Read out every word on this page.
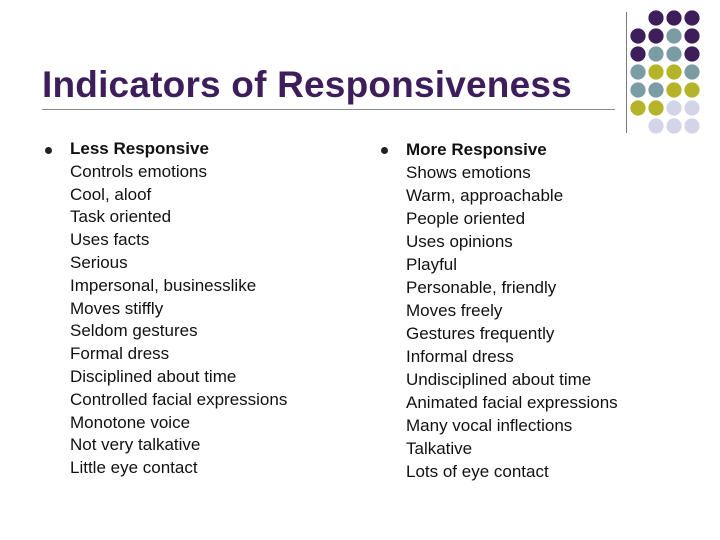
Indicators of Responsiveness
Less Responsive
Controls emotions
Cool, aloof
Task oriented
Uses facts
Serious
Impersonal, businesslike
Moves stiffly
Seldom gestures
Formal dress
Disciplined about time
Controlled facial expressions
Monotone voice
Not very talkative
Little eye contact
More Responsive
Shows emotions
Warm, approachable
People oriented
Uses opinions
Playful
Personable, friendly
Moves freely
Gestures frequently
Informal dress
Undisciplined about time
Animated facial expressions
Many vocal inflections
Talkative
Lots of eye contact
